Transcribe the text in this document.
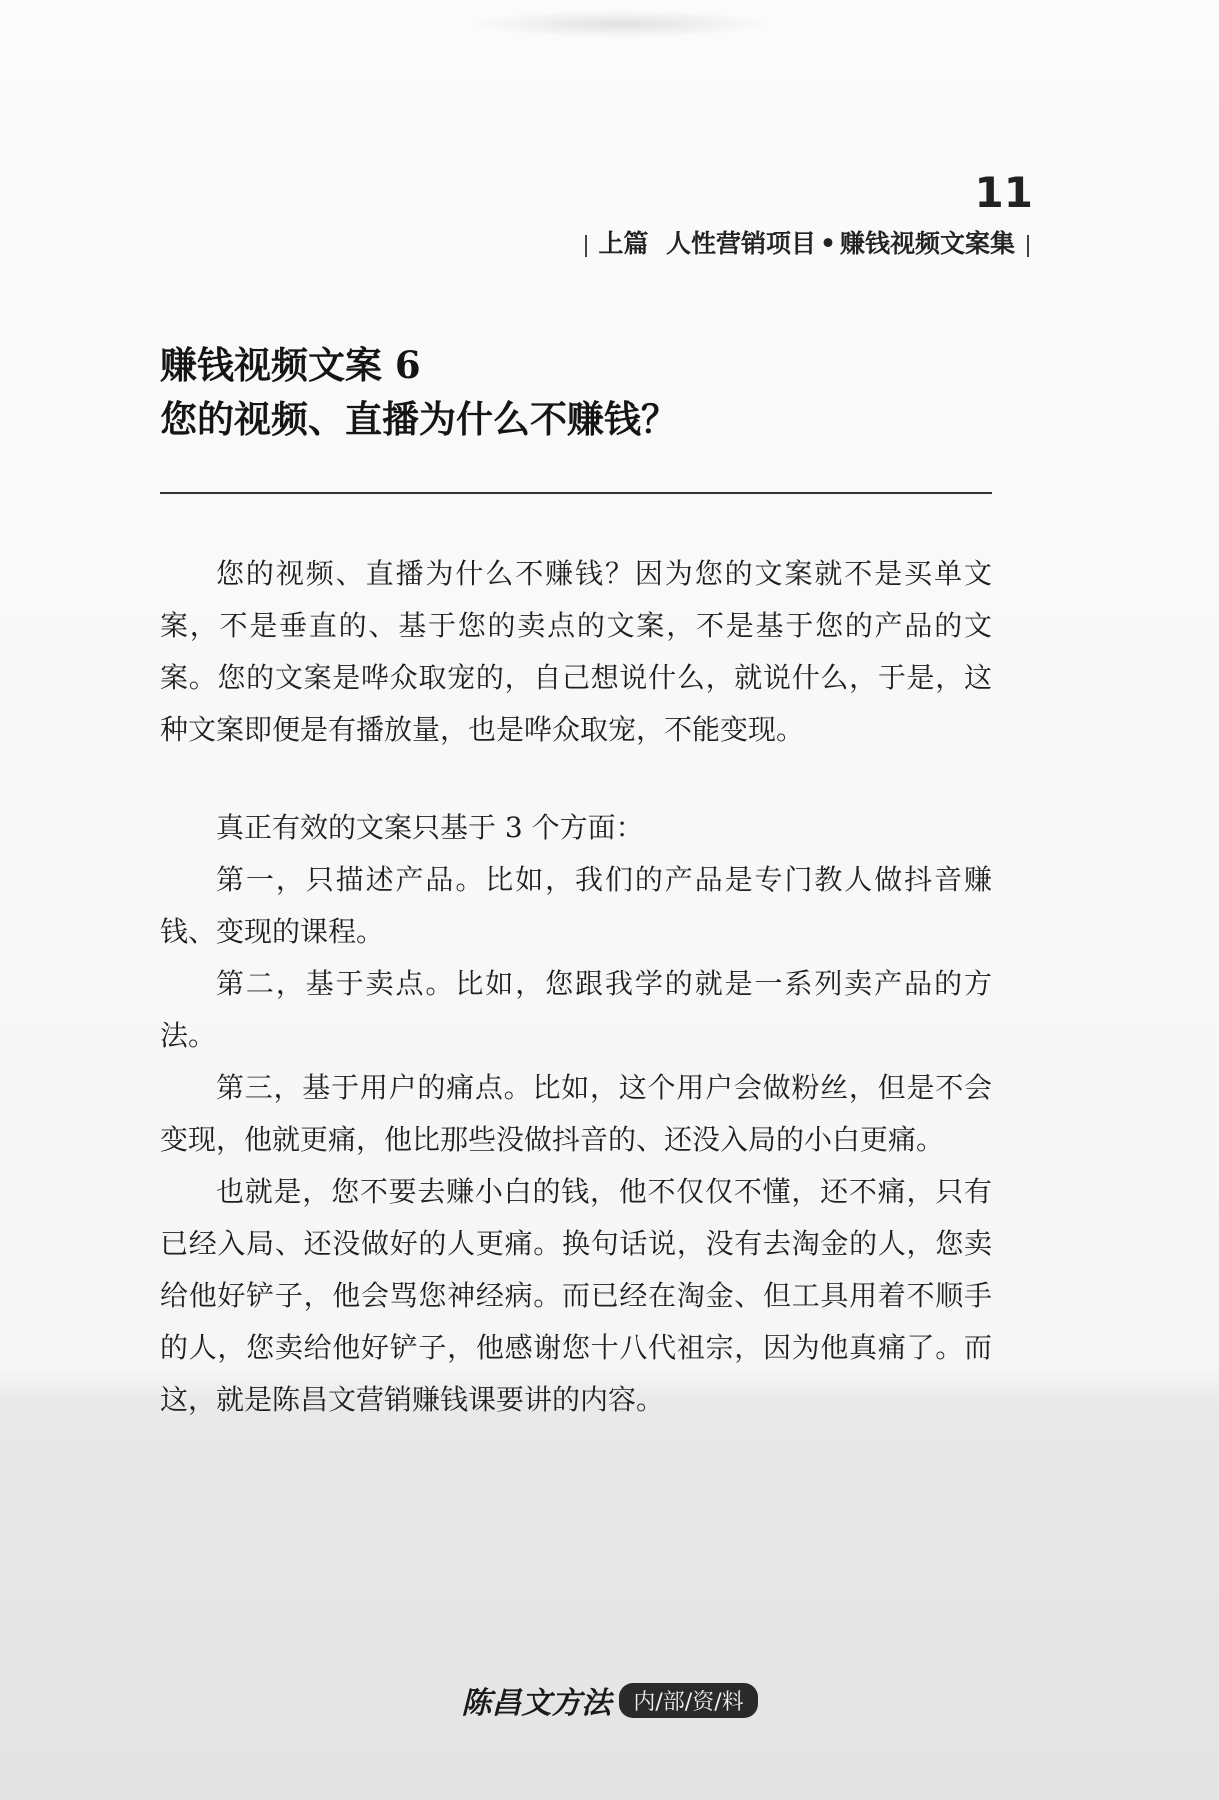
11
上篇 人性营销项目 • 赚钱视频文案集
赚钱视频文案 6
您的视频、直播为什么不赚钱？

您的视频、直播为什么不赚钱？因为您的文案就不是买单文案，不是垂直的、基于您的卖点的文案，不是基于您的产品的文案。您的文案是哗众取宠的，自己想说什么，就说什么，于是，这种文案即便是有播放量，也是哗众取宠，不能变现。

真正有效的文案只基于 3 个方面：

第一，只描述产品。比如，我们的产品是专门教人做抖音赚钱、变现的课程。

第二，基于卖点。比如，您跟我学的就是一系列卖产品的方法。

第三，基于用户的痛点。比如，这个用户会做粉丝，但是不会变现，他就更痛，他比那些没做抖音的、还没入局的小白更痛。

也就是，您不要去赚小白的钱，他不仅仅不懂，还不痛，只有已经入局、还没做好的人更痛。换句话说，没有去淘金的人，您卖给他好铲子，他会骂您神经病。而已经在淘金、但工具用着不顺手的人，您卖给他好铲子，他感谢您十八代祖宗，因为他真痛了。而这，就是陈昌文营销赚钱课要讲的内容。

陈昌文方法 内/部/资/料
